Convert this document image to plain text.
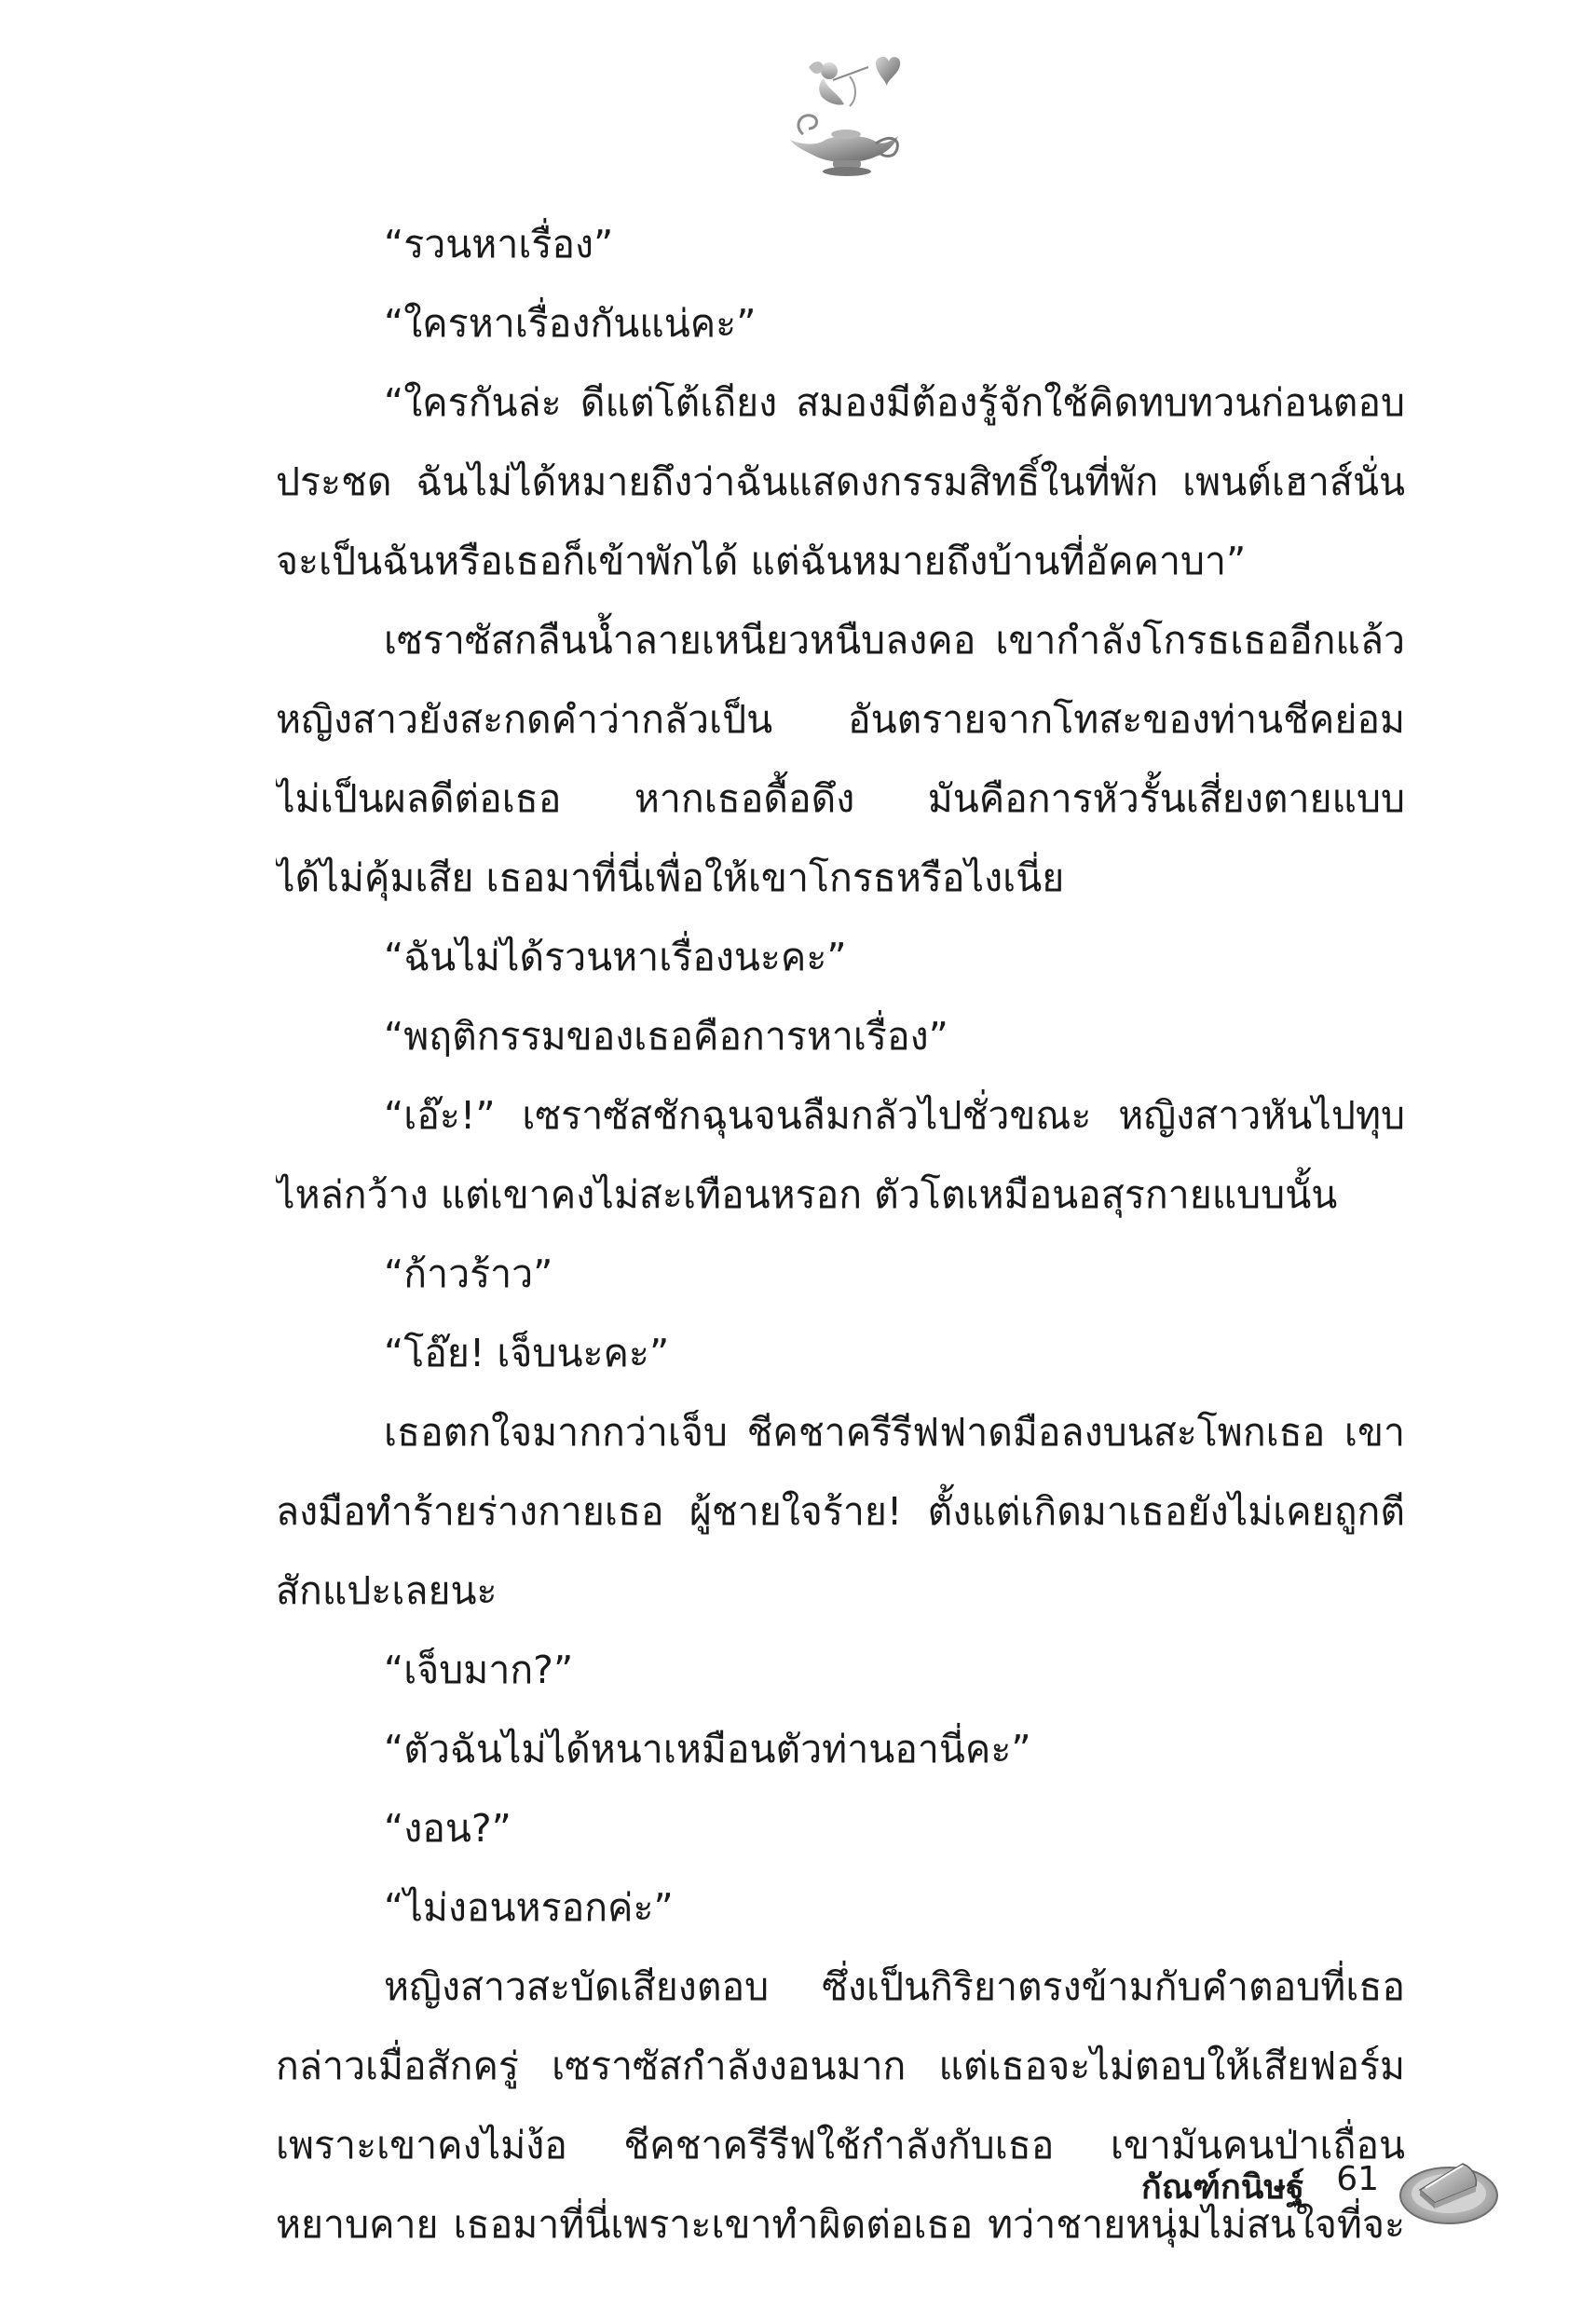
“รวนหาเรื่อง”
“ใครหาเรื่องกันแน่คะ”
“ใครกันล่ะ ดีแต่โต้เถียง สมองมีต้องรู้จักใช้คิดทบทวนก่อนตอบ
ประชด ฉันไม่ได้หมายถึงว่าฉันแสดงกรรมสิทธิ์ในที่พัก เพนต์เฮาส์นั่น
จะเป็นฉันหรือเธอก็เข้าพักได้ แต่ฉันหมายถึงบ้านที่อัคคาบา”
เซราซัสกลืนน้ำลายเหนียวหนืบลงคอ เขากำลังโกรธเธออีกแล้ว
หญิงสาวยังสะกดคำว่ากลัวเป็น อันตรายจากโทสะของท่านชีคย่อม
ไม่เป็นผลดีต่อเธอ หากเธอดื้อดึง มันคือการหัวรั้นเสี่ยงตายแบบ
ได้ไม่คุ้มเสีย เธอมาที่นี่เพื่อให้เขาโกรธหรือไงเนี่ย
“ฉันไม่ได้รวนหาเรื่องนะคะ”
“พฤติกรรมของเธอคือการหาเรื่อง”
“เอ๊ะ!” เซราซัสชักฉุนจนลืมกลัวไปชั่วขณะ หญิงสาวหันไปทุบ
ไหล่กว้าง แต่เขาคงไม่สะเทือนหรอก ตัวโตเหมือนอสุรกายแบบนั้น
“ก้าวร้าว”
“โอ๊ย! เจ็บนะคะ”
เธอตกใจมากกว่าเจ็บ ชีคชาครีรีฟฟาดมือลงบนสะโพกเธอ เขา
ลงมือทำร้ายร่างกายเธอ ผู้ชายใจร้าย! ตั้งแต่เกิดมาเธอยังไม่เคยถูกตี
สักแปะเลยนะ
“เจ็บมาก?”
“ตัวฉันไม่ได้หนาเหมือนตัวท่านอานี่คะ”
“งอน?”
“ไม่งอนหรอกค่ะ”
หญิงสาวสะบัดเสียงตอบ ซึ่งเป็นกิริยาตรงข้ามกับคำตอบที่เธอ
กล่าวเมื่อสักครู่ เซราซัสกำลังงอนมาก แต่เธอจะไม่ตอบให้เสียฟอร์ม
เพราะเขาคงไม่ง้อ ชีคชาครีรีฟใช้กำลังกับเธอ เขามันคนป่าเถื่อน
หยาบคาย เธอมาที่นี่เพราะเขาทำผิดต่อเธอ ทว่าชายหนุ่มไม่สนใจที่จะ
กัณฑ์กนิษฐ์ 61
